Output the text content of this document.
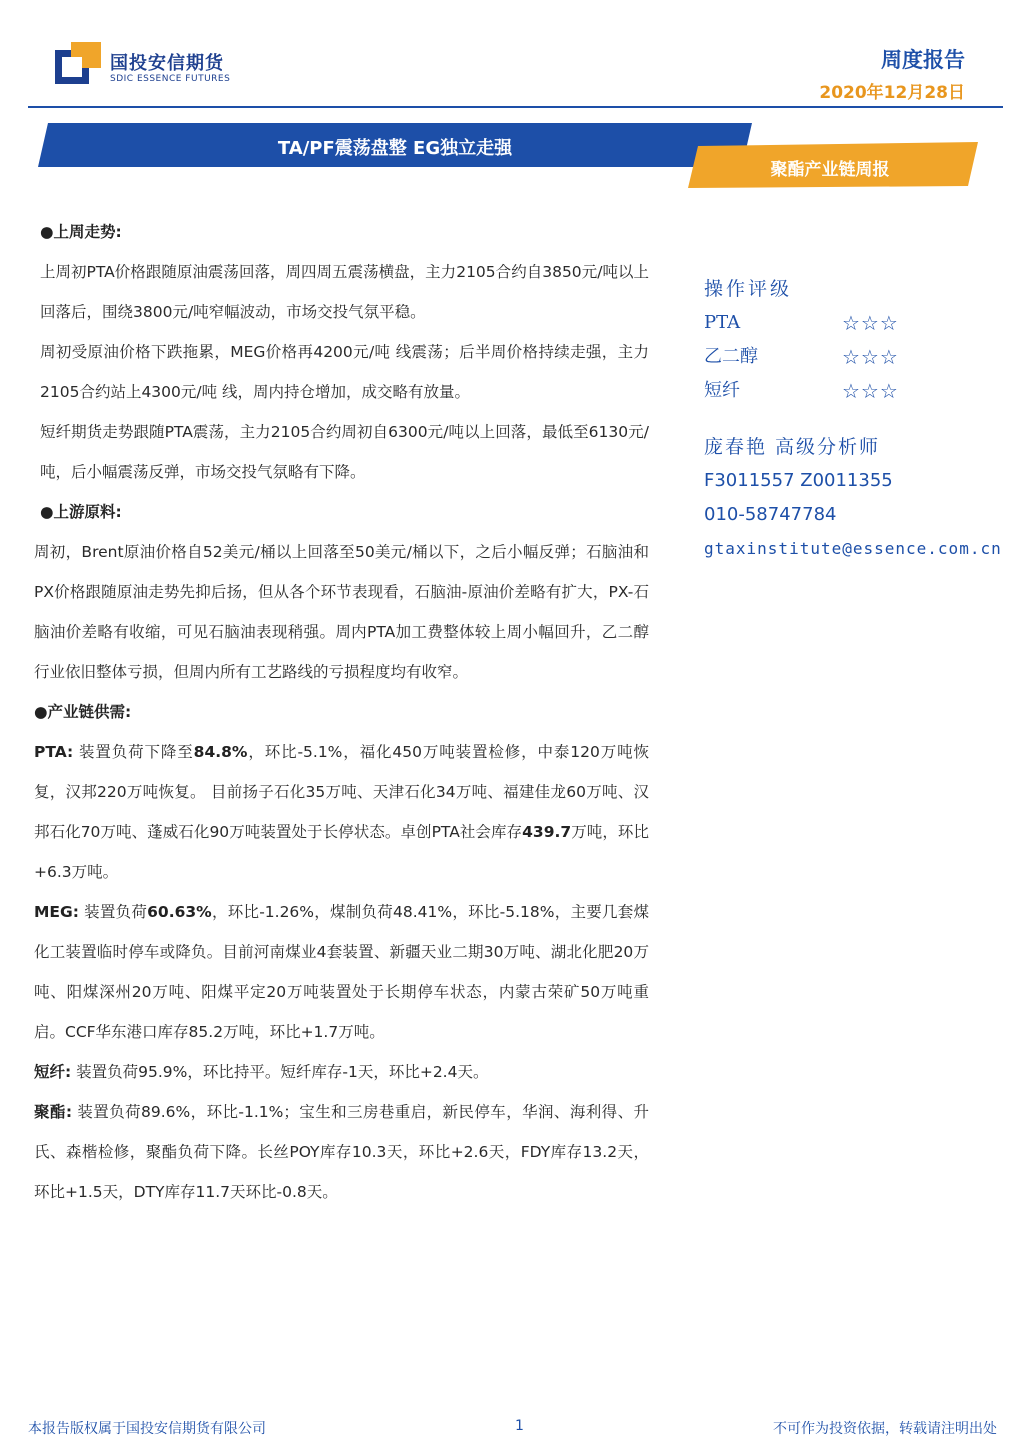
国投安信期货
SDIC ESSENCE FUTURES
周度报告
2020年12月28日
TA/PF震荡盘整 EG独立走强
聚酯产业链周报
●上周走势:

上周初PTA价格跟随原油震荡回落，周四周五震荡横盘，主力2105合约自3850元/吨以上回落后，围绕3800元/吨窄幅波动，市场交投气氛平稳。

周初受原油价格下跌拖累，MEG价格再4200元/吨 线震荡；后半周价格持续走强，主力2105合约站上4300元/吨 线，周内持仓增加，成交略有放量。

短纤期货走势跟随PTA震荡，主力2105合约周初自6300元/吨以上回落，最低至6130元/吨，后小幅震荡反弹，市场交投气氛略有下降。

●上游原料:

周初，Brent原油价格自52美元/桶以上回落至50美元/桶以下，之后小幅反弹；石脑油和PX价格跟随原油走势先抑后扬，但从各个环节表现看，石脑油-原油价差略有扩大，PX-石脑油价差略有收缩，可见石脑油表现稍强。周内PTA加工费整体较上周小幅回升，乙二醇行业依旧整体亏损，但周内所有工艺路线的亏损程度均有收窄。

●产业链供需:

PTA: 装置负荷下降至84.8%，环比-5.1%，福化450万吨装置检修，中泰120万吨恢复，汉邦220万吨恢复。 目前扬子石化35万吨、天津石化34万吨、福建佳龙60万吨、汉邦石化70万吨、蓬威石化90万吨装置处于长停状态。卓创PTA社会库存439.7万吨，环比+6.3万吨。

MEG: 装置负荷60.63%，环比-1.26%，煤制负荷48.41%，环比-5.18%，主要几套煤化工装置临时停车或降负。目前河南煤业4套装置、新疆天业二期30万吨、湖北化肥20万吨、阳煤深州20万吨、阳煤平定20万吨装置处于长期停车状态，内蒙古荣矿50万吨重启。CCF华东港口库存85.2万吨，环比+1.7万吨。

短纤: 装置负荷95.9%，环比持平。短纤库存-1天，环比+2.4天。

聚酯: 装置负荷89.6%，环比-1.1%；宝生和三房巷重启，新民停车，华润、海利得、升氏、森楷检修，聚酯负荷下降。长丝POY库存10.3天，环比+2.6天，FDY库存13.2天，环比+1.5天，DTY库存11.7天环比-0.8天。

操作评级
PTA	☆☆☆
乙二醇	☆☆☆
短纤	☆☆☆
庞春艳 高级分析师
F3011557 Z0011355
010-58747784
gtaxinstitute@essence.com.cn
本报告版权属于国投安信期货有限公司	1	不可作为投资依据，转载请注明出处
